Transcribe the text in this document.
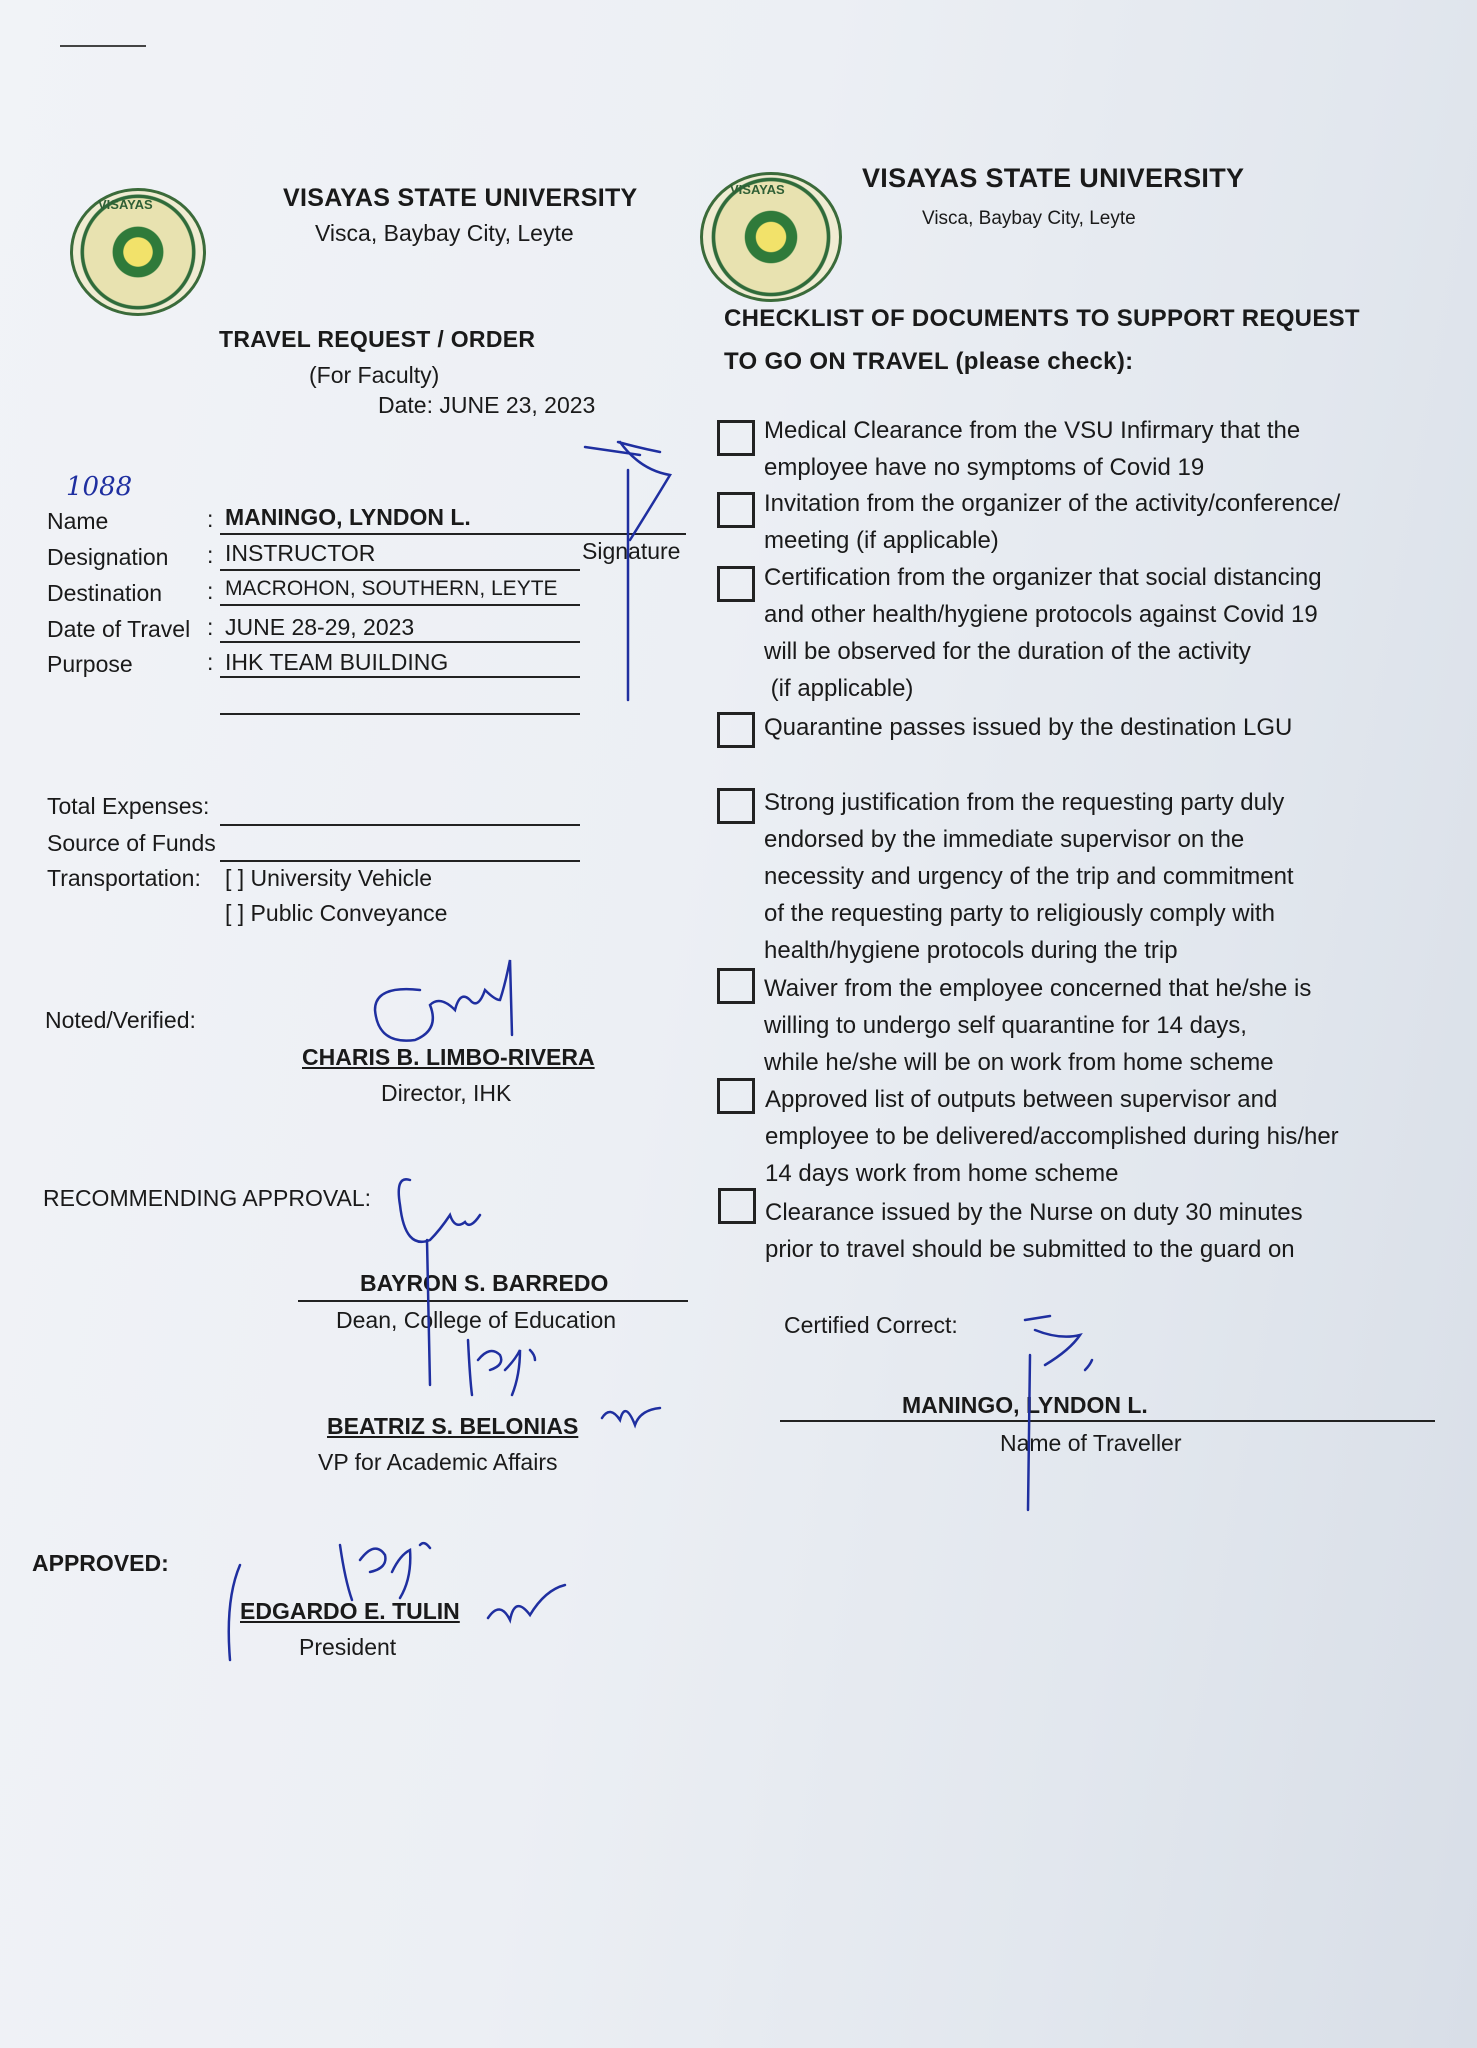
VISAYAS STATE UNIVERSITY
Visca, Baybay City, Leyte
TRAVEL REQUEST / ORDER
(For Faculty)
Date: JUNE 23, 2023
1088
Name	: MANINGO, LYNDON L.
Designation : INSTRUCTOR	Signature
Destination : MACROHON, SOUTHERN, LEYTE
Date of Travel : JUNE 28-29, 2023
Purpose	: IHK TEAM BUILDING
Total Expenses:
Source of Funds
Transportation: [ ] University Vehicle
[ ] Public Conveyance
Noted/Verified:
CHARIS B. LIMBO-RIVERA
Director, IHK
RECOMMENDING APPROVAL:
BAYRON S. BARREDO
Dean, College of Education
BEATRIZ S. BELONIAS
VP for Academic Affairs
APPROVED:
EDGARDO E. TULIN
President
VISAYAS STATE UNIVERSITY
Visca, Baybay City, Leyte
CHECKLIST OF DOCUMENTS TO SUPPORT REQUEST
TO GO ON TRAVEL (please check):
Medical Clearance from the VSU Infirmary that the
employee have no symptoms of Covid 19
Invitation from the organizer of the activity/conference/
meeting (if applicable)
Certification from the organizer that social distancing
and other health/hygiene protocols against Covid 19
will be observed for the duration of the activity
(if applicable)
Quarantine passes issued by the destination LGU
Strong justification from the requesting party duly
endorsed by the immediate supervisor on the
necessity and urgency of the trip and commitment
of the requesting party to religiously comply with
health/hygiene protocols during the trip
Waiver from the employee concerned that he/she is
willing to undergo self quarantine for 14 days,
while he/she will be on work from home scheme
Approved list of outputs between supervisor and
employee to be delivered/accomplished during his/her
14 days work from home scheme
Clearance issued by the Nurse on duty 30 minutes
prior to travel should be submitted to the guard on
Certified Correct:
MANINGO, LYNDON L.
Name of Traveller
VISAYAS
VISAYAS
